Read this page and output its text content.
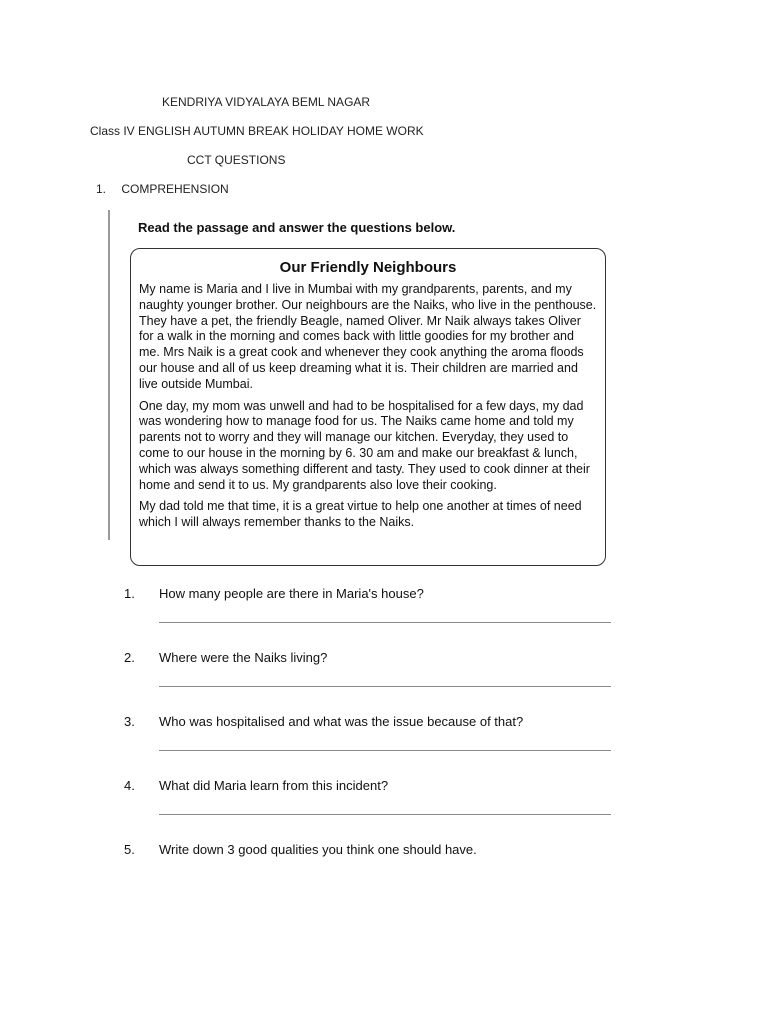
KENDRIYA VIDYALAYA BEML NAGAR
Class IV ENGLISH AUTUMN BREAK HOLIDAY HOME WORK
CCT QUESTIONS
1. COMPREHENSION
Read the passage and answer the questions below.
Our Friendly Neighbours

My name is Maria and I live in Mumbai with my grandparents, parents, and my naughty younger brother. Our neighbours are the Naiks, who live in the penthouse. They have a pet, the friendly Beagle, named Oliver. Mr Naik always takes Oliver for a walk in the morning and comes back with little goodies for my brother and me. Mrs Naik is a great cook and whenever they cook anything the aroma floods our house and all of us keep dreaming what it is. Their children are married and live outside Mumbai.

One day, my mom was unwell and had to be hospitalised for a few days, my dad was wondering how to manage food for us. The Naiks came home and told my parents not to worry and they will manage our kitchen. Everyday, they used to come to our house in the morning by 6. 30 am and make our breakfast & lunch, which was always something different and tasty. They used to cook dinner at their home and send it to us. My grandparents also love their cooking.

My dad told me that time, it is a great virtue to help one another at times of need which I will always remember thanks to the Naiks.

1. How many people are there in Maria's house?
2. Where were the Naiks living?
3. Who was hospitalised and what was the issue because of that?
4. What did Maria learn from this incident?
5. Write down 3 good qualities you think one should have.
